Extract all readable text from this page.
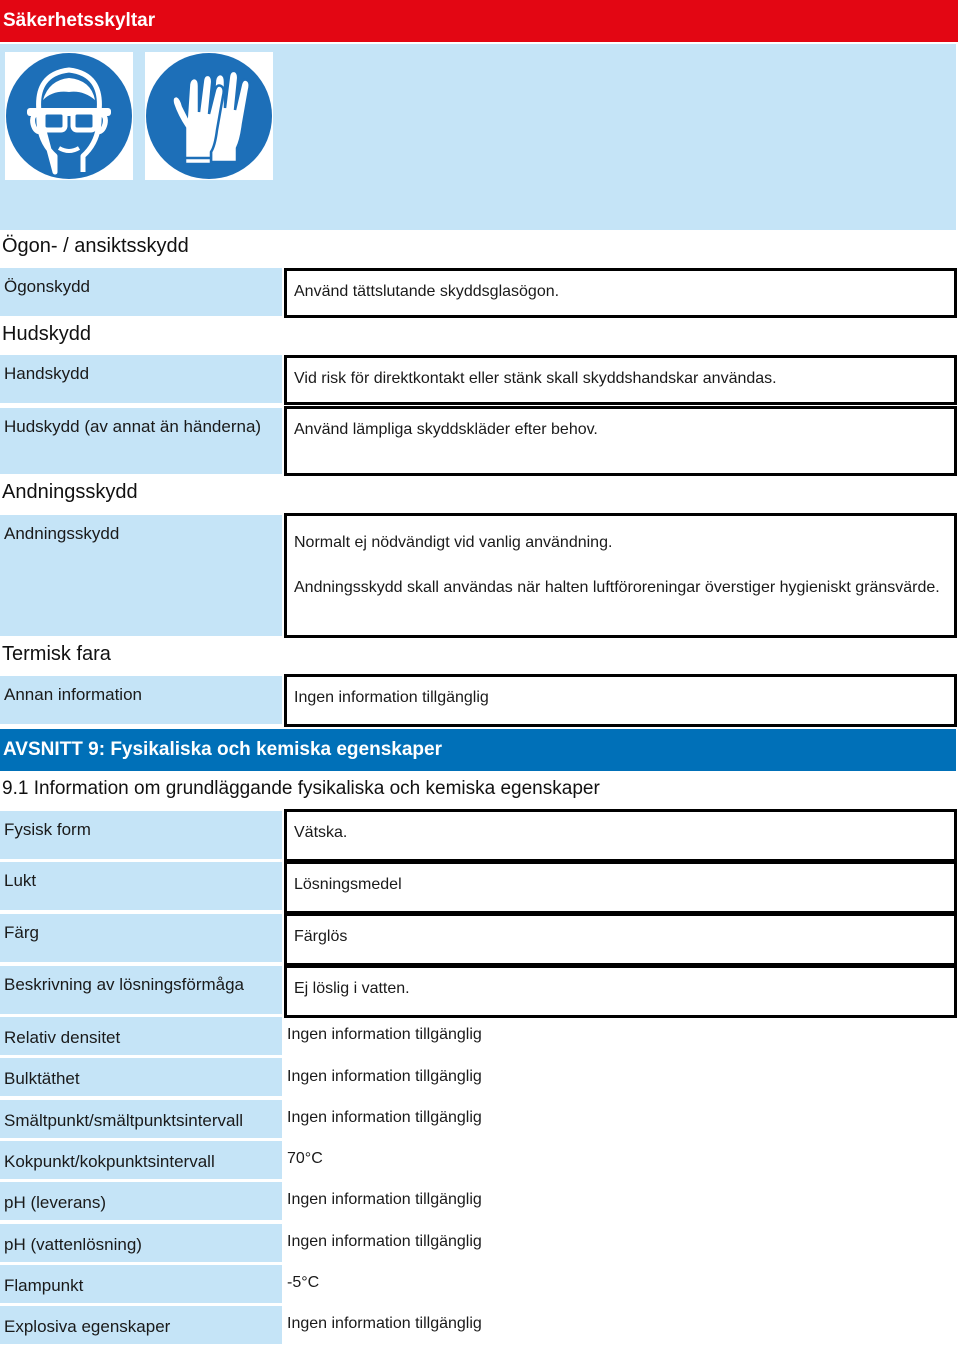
Säkerhetsskyltar
Ögon- / ansiktsskydd
Ögonskydd	Använd tättslutande skyddsglasögon.

Hudskydd
Handskydd	Vid risk för direktkontakt eller stänk skall skyddshandskar användas.

Hudskydd (av annat än händerna)	Använd lämpliga skyddskläder efter behov.

Andningsskydd
Andningsskydd	Normalt ej nödvändigt vid vanlig användning.

Andningsskydd skall användas när halten luftföroreningar överstiger hygieniskt gränsvärde.

Termisk fara
Annan information	Ingen information tillgänglig

AVSNITT 9: Fysikaliska och kemiska egenskaper
9.1 Information om grundläggande fysikaliska och kemiska egenskaper
Fysisk form	Vätska.

Lukt	Lösningsmedel

Färg	Färglös

Beskrivning av lösningsförmåga	Ej löslig i vatten.

Relativ densitet	Ingen information tillgänglig
Bulktäthet	Ingen information tillgänglig
Smältpunkt/smältpunktsintervall	Ingen information tillgänglig
Kokpunkt/kokpunktsintervall	70°C
pH (leverans)	Ingen information tillgänglig
pH (vattenlösning)	Ingen information tillgänglig
Flampunkt	-5°C
Explosiva egenskaper	Ingen information tillgänglig
